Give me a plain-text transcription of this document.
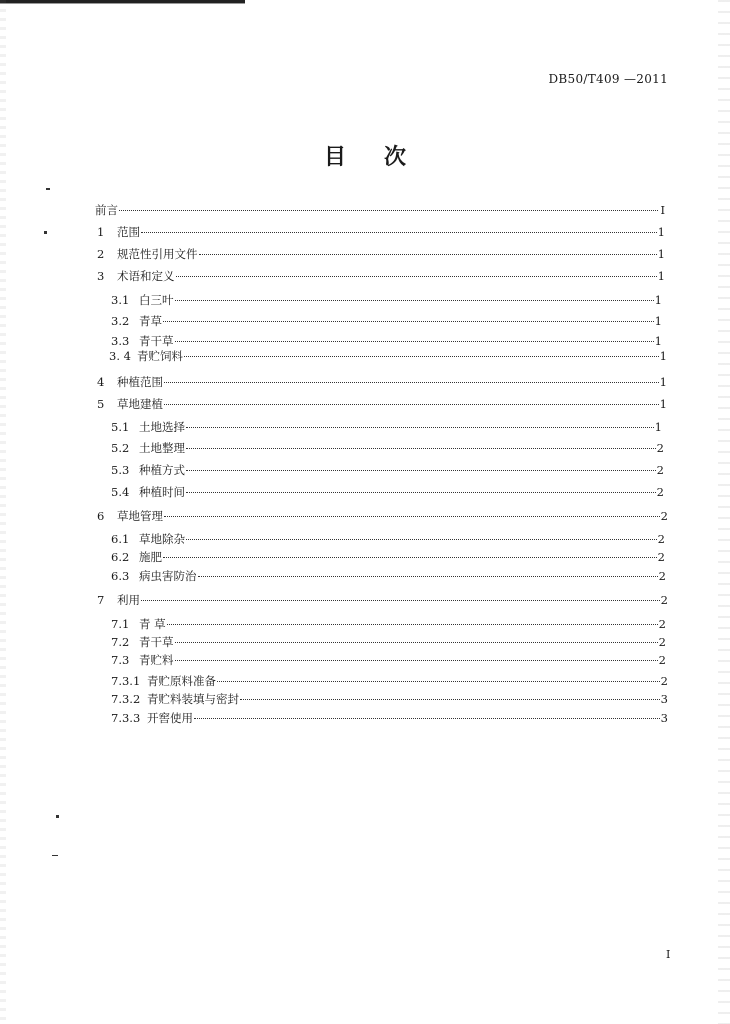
DB50/T409 —2011
目次
前言	I
1	范围	1
2	规范性引用文件	1
3	术语和定义	1
3.1 白三叶	1
3.2 青草	1
3.3 青干草	1
3. 4 青贮饲料	1
4	种植范围	1
5	草地建植	1
5.1 土地选择	1
5.2 土地整理	2
5.3 种植方式	2
5.4 种植时间	2
6	草地管理	2
6.1 草地除杂	2
6.2 施肥	2
6.3 病虫害防治	2
7	利用	2
7.1 青 草	2
7.2 青干草	2
7.3 青贮料	2
7.3.1 青贮原料准备	2
7.3.2 青贮料装填与密封	3
7.3.3 开窖使用	3
I
